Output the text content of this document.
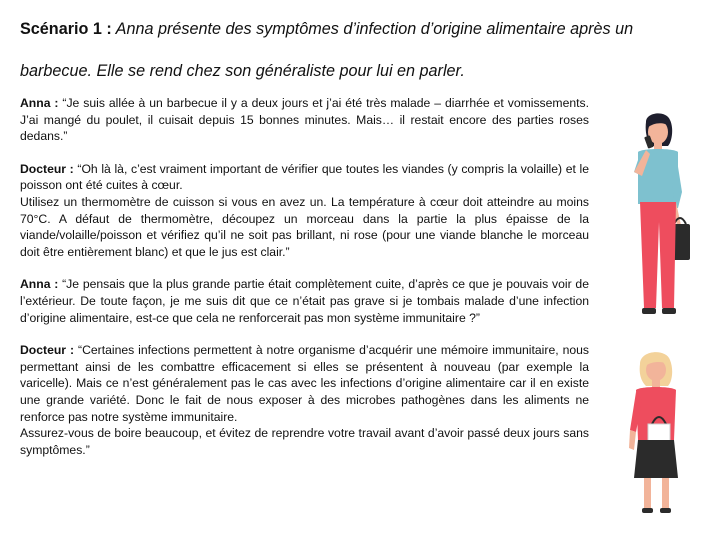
Scénario 1 : Anna présente des symptômes d’infection d’origine alimentaire après un barbecue. Elle se rend chez son généraliste pour lui en parler.

Anna : “Je suis allée à un barbecue il y a deux jours et j’ai été très malade – diarrhée et vomissements. J’ai mangé du poulet, il cuisait depuis 15 bonnes minutes. Mais… il restait encore des parties roses dedans.”

Docteur : “Oh là là, c’est vraiment important de vérifier que toutes les viandes (y compris la volaille) et le poisson ont été cuites à cœur.
Utilisez un thermomètre de cuisson si vous en avez un. La température à cœur doit atteindre au moins 70°C. A défaut de thermomètre, découpez un morceau dans la partie la plus épaisse de la viande/volaille/poisson et vérifiez qu’il ne soit pas brillant, ni rose (pour une viande blanche le morceau doit être entièrement blanc) et que le jus est clair.”

Anna : “Je pensais que la plus grande partie était complètement cuite, d’après ce que je pouvais voir de l’extérieur. De toute façon, je me suis dit que ce n’était pas grave si je tombais malade d’une infection d’origine alimentaire, est-ce que cela ne renforcerait pas mon système immunitaire ?”

Docteur : “Certaines infections permettent à notre organisme d’acquérir une mémoire immunitaire, nous permettant ainsi de les combattre efficacement si elles se présentent à nouveau (par exemple la varicelle). Mais ce n’est généralement pas le cas avec les infections d’origine alimentaire car il en existe une grande variété. Donc le fait de nous exposer à des microbes pathogènes dans les aliments ne renforce pas notre système immunitaire.
Assurez-vous de boire beaucoup, et évitez de reprendre votre travail avant d’avoir passé deux jours sans symptômes.”
